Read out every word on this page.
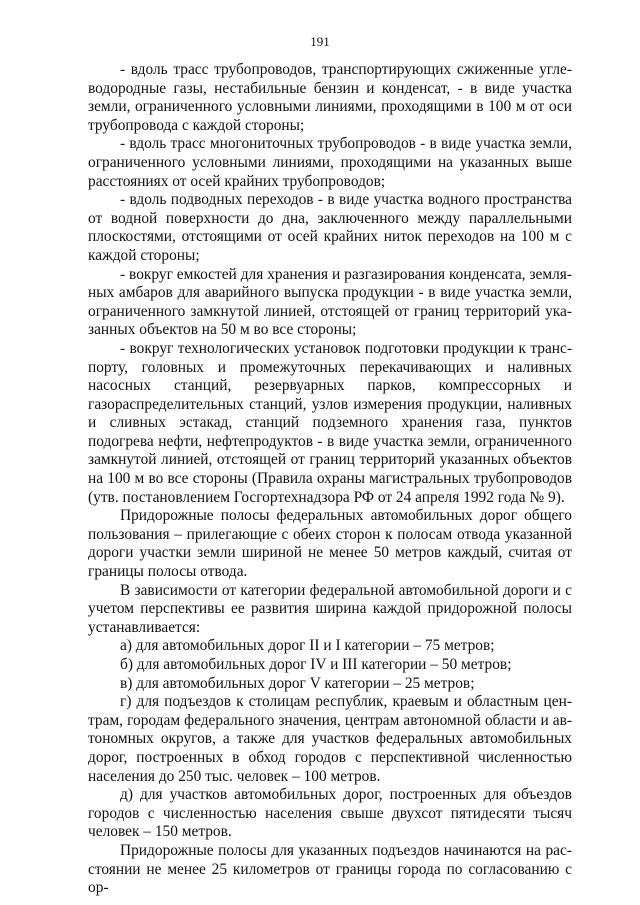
191

- вдоль трасс трубопроводов, транспортирующих сжиженные углеводородные газы, нестабильные бензин и конденсат, - в виде участка земли, ограниченного условными линиями, проходящими в 100 м от оси трубопровода с каждой стороны;

- вдоль трасс многониточных трубопроводов - в виде участка земли, ограниченного условными линиями, проходящими на указанных выше расстояниях от осей крайних трубопроводов;

- вдоль подводных переходов - в виде участка водного пространства от водной поверхности до дна, заключенного между параллельными плоскостями, отстоящими от осей крайних ниток переходов на 100 м с каждой стороны;

- вокруг емкостей для хранения и разгазирования конденсата, земляных амбаров для аварийного выпуска продукции - в виде участка земли, ограниченного замкнутой линией, отстоящей от границ территорий указанных объектов на 50 м во все стороны;

- вокруг технологических установок подготовки продукции к транспорту, головных и промежуточных перекачивающих и наливных насосных станций, резервуарных парков, компрессорных и газораспределительных станций, узлов измерения продукции, наливных и сливных эстакад, станций подземного хранения газа, пунктов подогрева нефти, нефтепродуктов - в виде участка земли, ограниченного замкнутой линией, отстоящей от границ территорий указанных объектов на 100 м во все стороны (Правила охраны магистральных трубопроводов (утв. постановлением Госгортехнадзора РФ от 24 апреля 1992 года № 9).

Придорожные полосы федеральных автомобильных дорог общего пользования – прилегающие с обеих сторон к полосам отвода указанной дороги участки земли шириной не менее 50 метров каждый, считая от границы полосы отвода.

В зависимости от категории федеральной автомобильной дороги и с учетом перспективы ее развития ширина каждой придорожной полосы устанавливается:

а) для автомобильных дорог II и I категории – 75 метров;

б) для автомобильных дорог IV и III категории – 50 метров;

в) для автомобильных дорог V категории – 25 метров;

г) для подъездов к столицам республик, краевым и областным центрам, городам федерального значения, центрам автономной области и автономных округов, а также для участков федеральных автомобильных дорог, построенных в обход городов с перспективной численностью населения до 250 тыс. человек – 100 метров.

д) для участков автомобильных дорог, построенных для объездов городов с численностью населения свыше двухсот пятидесяти тысяч человек – 150 метров.

Придорожные полосы для указанных подъездов начинаются на расстоянии не менее 25 километров от границы города по согласованию с ор-
